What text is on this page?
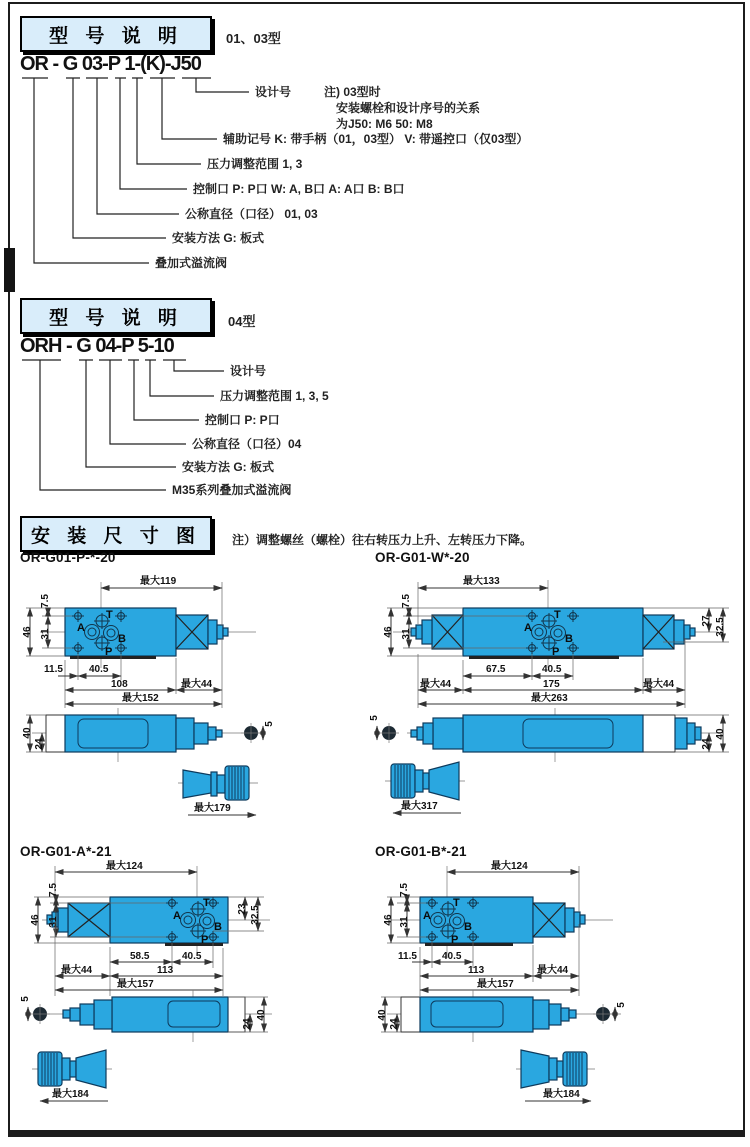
型 号 说 明	01、03型
OR - G 03-P 1-(K)-J50
设计号	注) 03型时
安装螺栓和设计序号的关系
为J50: M6 50: M8
辅助记号 K: 带手柄（01，03型） V: 带遥控口（仅03型）
压力调整范围 1, 3
控制口 P: P口 W: A, B口 A: A口 B: B口
公称直径（口径） 01, 03
安装方法 G: 板式
叠加式溢流阀
型 号 说 明	04型
ORH - G 04-P 5-10
设计号
压力调整范围 1, 3, 5
控制口 P: P口
公称直径（口径）04
安装方法 G: 板式
M35系列叠加式溢流阀
安 装 尺 寸 图	注）调整螺丝（螺栓）往右转压力上升、左转压力下降。
OR-G01-P-*-20	OR-G01-W*-20
OR-G01-A*-21	OR-G01-B*-21
T
A
B
P
最大119
46
7.5
31
11.5	40.5
108	最大44
最大152
40
24
5
最大179
T
A
B
P
最大133
46
7.5
31
27 32.5
67.5	40.5
最大44	175	最大44
最大263
5
24
40
最大317
T
A
B
P
最大124
46
7.5
31
23 32.5
58.5	40.5
最大44	113
最大157
5
24
40
最大184
T
A
B
P
最大124
46
7.5
31
11.5	40.5
113	最大44
最大157
40
24
5
最大184
